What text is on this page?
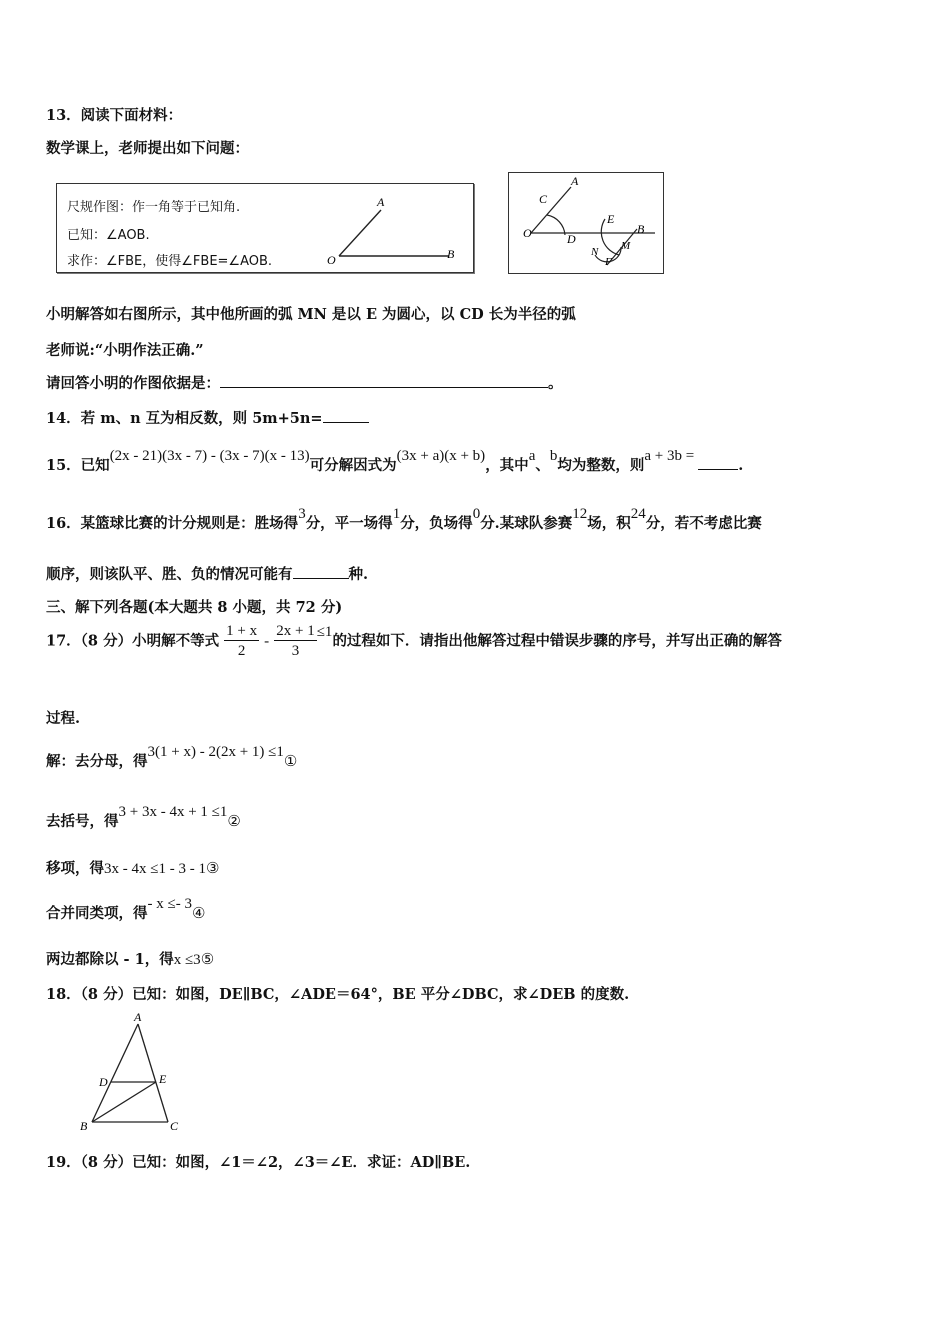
13．阅读下面材料：
数学课上，老师提出如下问题：
尺规作图：作一角等于已知角.
已知：∠AOB.
求作：∠FBE，使得∠FBE=∠AOB.
A
O	B
C
A
O	D
E
B
N M
F
小明解答如右图所示，其中他所画的弧 MN 是以 E 为圆心，以 CD 长为半径的弧
老师说:“小明作法正确.”
请回答小明的作图依据是：	。
14．若 m、n 互为相反数，则 5m+5n=
15．已知(2x - 21)(3x - 7) - (3x - 7)(x - 13)可分解因式为(3x + a)(x + b)，其中a、b均为整数，则a + 3b =.
16．某篮球比赛的计分规则是：胜场得3分，平一场得1分，负场得0分.某球队参赛12场，积24分，若不考虑比赛
顺序，则该队平、胜、负的情况可能有	种.
三、解下列各题(本大题共 8 小题，共 72 分)
17．（8 分）小明解不等式 $\frac{1 + x}{2} - \frac{2x + 1}{3} \le 1$的过程如下．请指出他解答过程中错误步骤的序号，并写出正确的解答
过程.
解：去分母，得3(1 + x) - 2(2x + 1) ≤1①
去括号，得3 + 3x - 4x + 1 ≤1②
移项，得3x - 4x ≤1 - 3 - 1③
合并同类项，得- x ≤- 3④
两边都除以 - 1，得x ≤3⑤
18．（8 分）已知：如图，DE∥BC，∠ADE＝64°，BE 平分∠DBC，求∠DEB 的度数.
A
D	E
B	C
19．（8 分）已知：如图，∠1＝∠2，∠3＝∠E．求证：AD∥BE.
